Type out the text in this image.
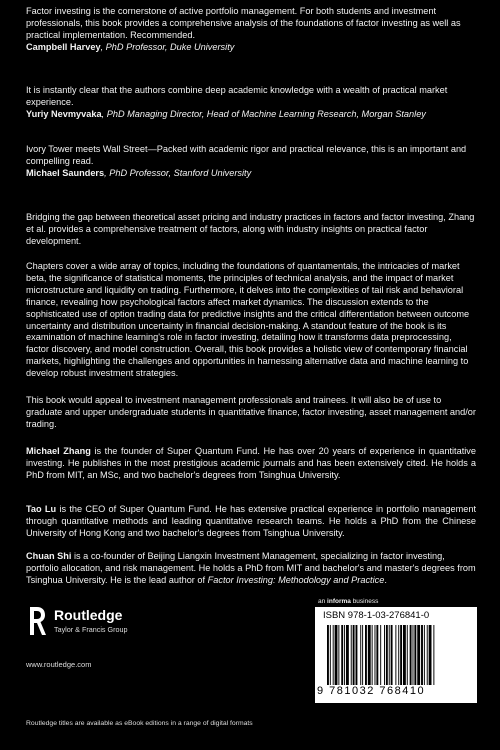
Factor investing is the cornerstone of active portfolio management. For both students and investment professionals, this book provides a comprehensive analysis of the foundations of factor investing as well as practical implementation. Recommended.

Campbell Harvey, PhD Professor, Duke University

It is instantly clear that the authors combine deep academic knowledge with a wealth of practical market experience.

Yuriy Nevmyvaka, PhD Managing Director, Head of Machine Learning Research, Morgan Stanley

Ivory Tower meets Wall Street—Packed with academic rigor and practical relevance, this is an important and compelling read.

Michael Saunders, PhD Professor, Stanford University

Bridging the gap between theoretical asset pricing and industry practices in factors and factor investing, Zhang et al. provides a comprehensive treatment of factors, along with industry insights on practical factor development.

Chapters cover a wide array of topics, including the foundations of quantamentals, the intricacies of market beta, the significance of statistical moments, the principles of technical analysis, and the impact of market microstructure and liquidity on trading. Furthermore, it delves into the complexities of tail risk and behavioral finance, revealing how psychological factors affect market dynamics. The discussion extends to the sophisticated use of option trading data for predictive insights and the critical differentiation between outcome uncertainty and distribution uncertainty in financial decision-making. A standout feature of the book is its examination of machine learning's role in factor investing, detailing how it transforms data preprocessing, factor discovery, and model construction. Overall, this book provides a holistic view of contemporary financial markets, highlighting the challenges and opportunities in harnessing alternative data and machine learning to develop robust investment strategies.

This book would appeal to investment management professionals and trainees. It will also be of use to graduate and upper undergraduate students in quantitative finance, factor investing, asset management and/or trading.

Michael Zhang is the founder of Super Quantum Fund. He has over 20 years of experience in quantitative investing. He publishes in the most prestigious academic journals and has been extensively cited. He holds a PhD from MIT, an MSc, and two bachelor's degrees from Tsinghua University.

Tao Lu is the CEO of Super Quantum Fund. He has extensive practical experience in portfolio management through quantitative methods and leading quantitative research teams. He holds a PhD from the Chinese University of Hong Kong and two bachelor's degrees from Tsinghua University.

Chuan Shi is a co-founder of Beijing Liangxin Investment Management, specializing in factor investing, portfolio allocation, and risk management. He holds a PhD from MIT and bachelor's and master's degrees from Tsinghua University. He is the lead author of Factor Investing: Methodology and Practice.

Routledge
Taylor & Francis Group
www.routledge.com
Routledge titles are available as eBook editions in a range of digital formats
an informa business
ISBN 978-1-03-276841-0
9 781032 768410
